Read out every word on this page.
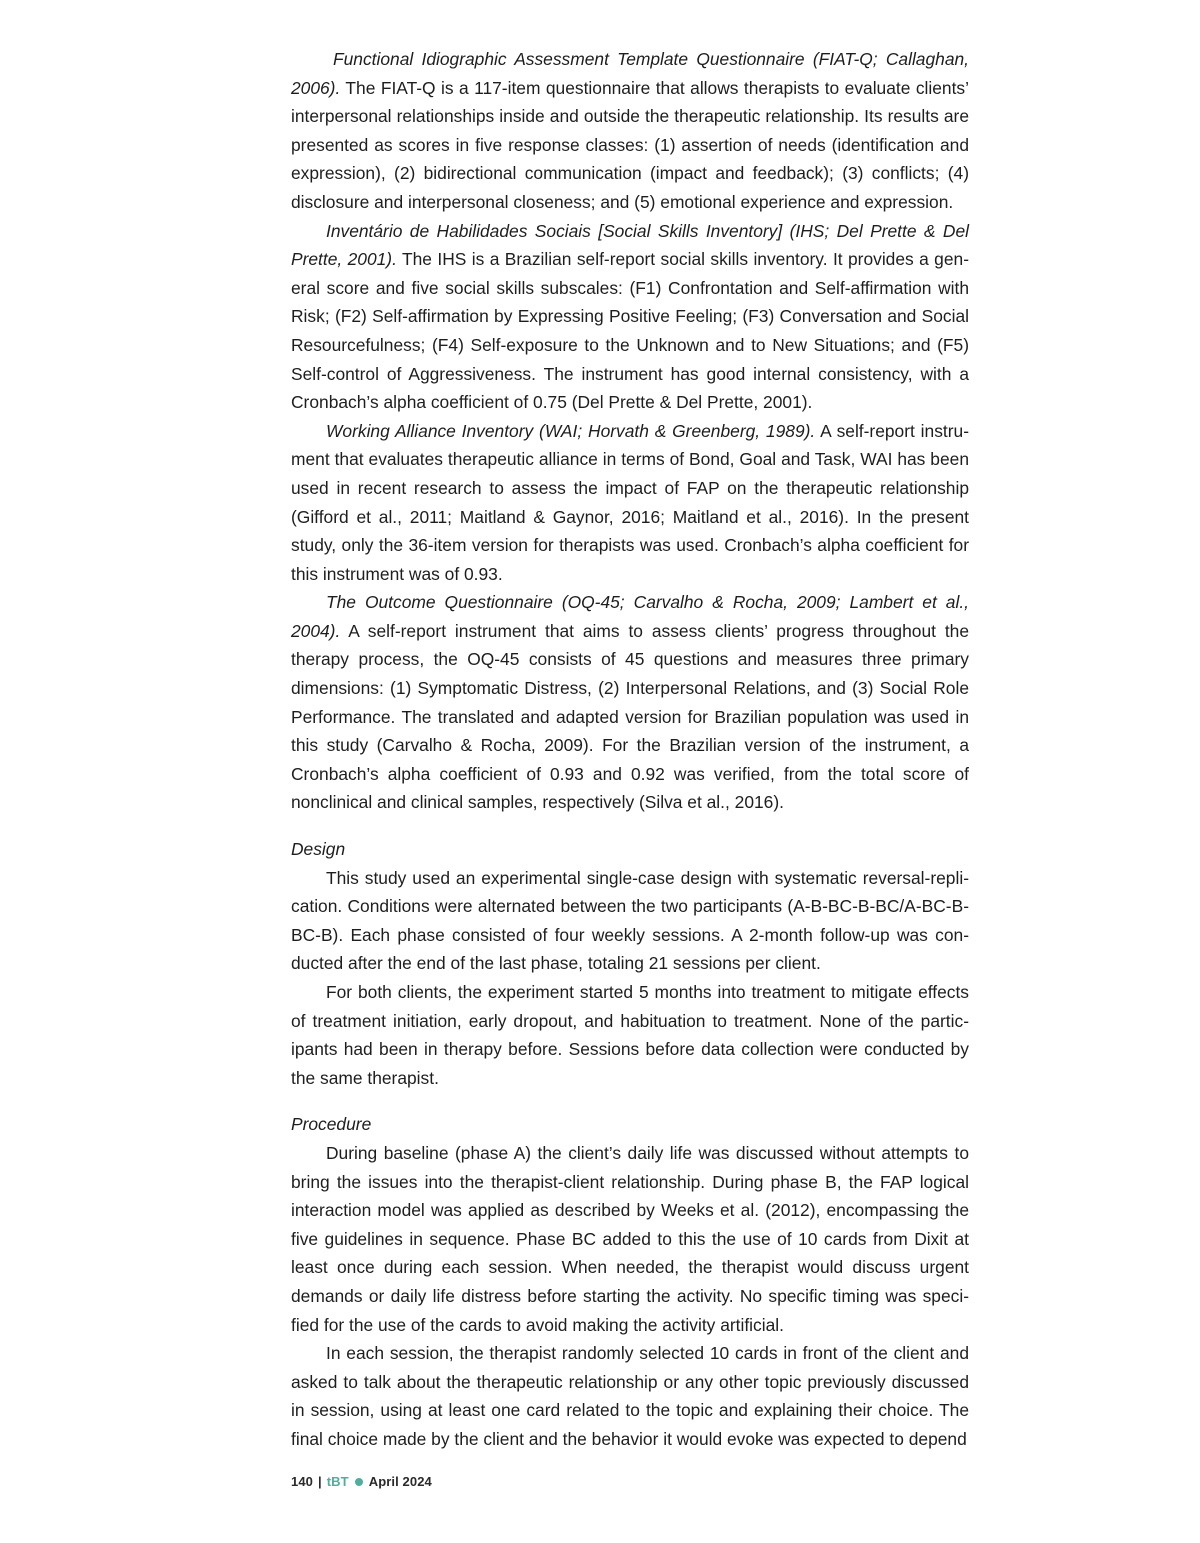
Functional Idiographic Assessment Template Questionnaire (FIAT-Q; Callaghan, 2006). The FIAT-Q is a 117-item questionnaire that allows therapists to evaluate clients’ interpersonal relationships inside and outside the therapeutic relationship. Its results are presented as scores in five response classes: (1) assertion of needs (identification and expression), (2) bidirectional communication (impact and feedback); (3) conflicts; (4) disclosure and interpersonal closeness; and (5) emotional experience and expression.

Inventário de Habilidades Sociais [Social Skills Inventory] (IHS; Del Prette & Del Prette, 2001). The IHS is a Brazilian self-report social skills inventory. It provides a general score and five social skills subscales: (F1) Confrontation and Self-affirmation with Risk; (F2) Self-affirmation by Expressing Positive Feeling; (F3) Conversation and Social Resourcefulness; (F4) Self-exposure to the Unknown and to New Situations; and (F5) Self-control of Aggressiveness. The instrument has good internal consistency, with a Cronbach’s alpha coefficient of 0.75 (Del Prette & Del Prette, 2001).

Working Alliance Inventory (WAI; Horvath & Greenberg, 1989). A self-report instrument that evaluates therapeutic alliance in terms of Bond, Goal and Task, WAI has been used in recent research to assess the impact of FAP on the therapeutic relationship (Gifford et al., 2011; Maitland & Gaynor, 2016; Maitland et al., 2016). In the present study, only the 36-item version for therapists was used. Cronbach’s alpha coefficient for this instrument was of 0.93.

The Outcome Questionnaire (OQ-45; Carvalho & Rocha, 2009; Lambert et al., 2004). A self-report instrument that aims to assess clients’ progress throughout the therapy process, the OQ-45 consists of 45 questions and measures three primary dimensions: (1) Symptomatic Distress, (2) Interpersonal Relations, and (3) Social Role Performance. The translated and adapted version for Brazilian population was used in this study (Carvalho & Rocha, 2009). For the Brazilian version of the instrument, a Cronbach’s alpha coefficient of 0.93 and 0.92 was verified, from the total score of nonclinical and clinical samples, respectively (Silva et al., 2016).

Design

This study used an experimental single-case design with systematic reversal-replication. Conditions were alternated between the two participants (A-B-BC-B-BC/A-BC-B-BC-B). Each phase consisted of four weekly sessions. A 2-month follow-up was conducted after the end of the last phase, totaling 21 sessions per client.

For both clients, the experiment started 5 months into treatment to mitigate effects of treatment initiation, early dropout, and habituation to treatment. None of the participants had been in therapy before. Sessions before data collection were conducted by the same therapist.

Procedure

During baseline (phase A) the client’s daily life was discussed without attempts to bring the issues into the therapist-client relationship. During phase B, the FAP logical interaction model was applied as described by Weeks et al. (2012), encompassing the five guidelines in sequence. Phase BC added to this the use of 10 cards from Dixit at least once during each session. When needed, the therapist would discuss urgent demands or daily life distress before starting the activity. No specific timing was specified for the use of the cards to avoid making the activity artificial.

In each session, the therapist randomly selected 10 cards in front of the client and asked to talk about the therapeutic relationship or any other topic previously discussed in session, using at least one card related to the topic and explaining their choice. The final choice made by the client and the behavior it would evoke was expected to depend

140 | tBT April 2024
